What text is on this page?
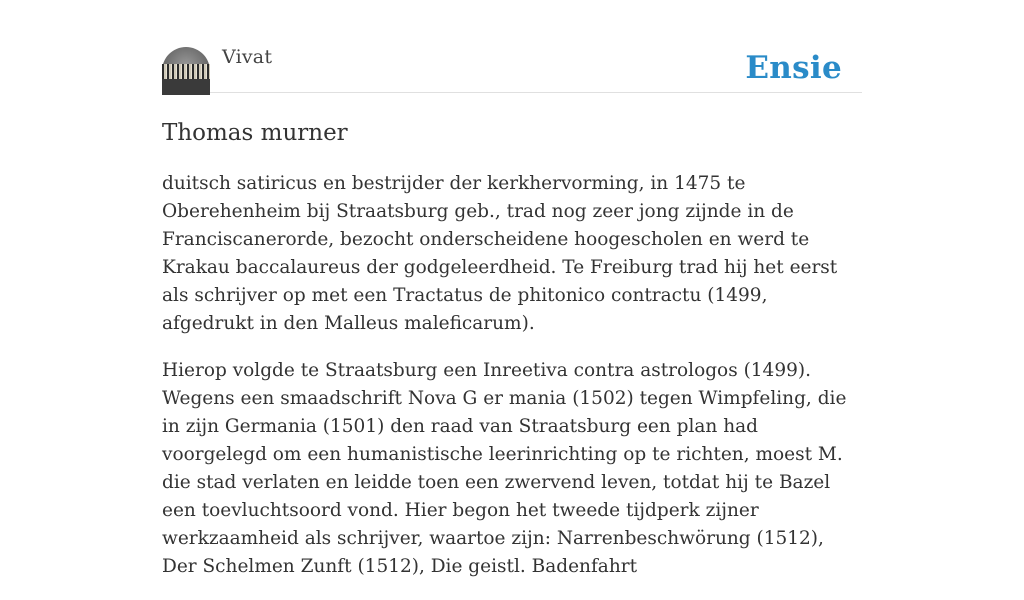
Vivat	Ensie
Thomas murner

duitsch satiricus en bestrijder der kerkhervorming, in 1475 te Oberehenheim bij Straatsburg geb., trad nog zeer jong zijnde in de Franciscanerorde, bezocht onderscheidene hoogescholen en werd te Krakau baccalaureus der godgeleerdheid. Te Freiburg trad hij het eerst als schrijver op met een Tractatus de phitonico contractu (1499, afgedrukt in den Malleus maleficarum).

Hierop volgde te Straatsburg een Inreetiva contra astrologos (1499). Wegens een smaadschrift Nova G er mania (1502) tegen Wimpfeling, die in zijn Germania (1501) den raad van Straatsburg een plan had voorgelegd om een humanistische leerinrichting op te richten, moest M. die stad verlaten en leidde toen een zwervend leven, totdat hij te Bazel een toevluchtsoord vond. Hier begon het tweede tijdperk zijner werkzaamheid als schrijver, waartoe zijn: Narrenbeschwörung (1512), Der Schelmen Zunft (1512), Die geistl. Badenfahrt
